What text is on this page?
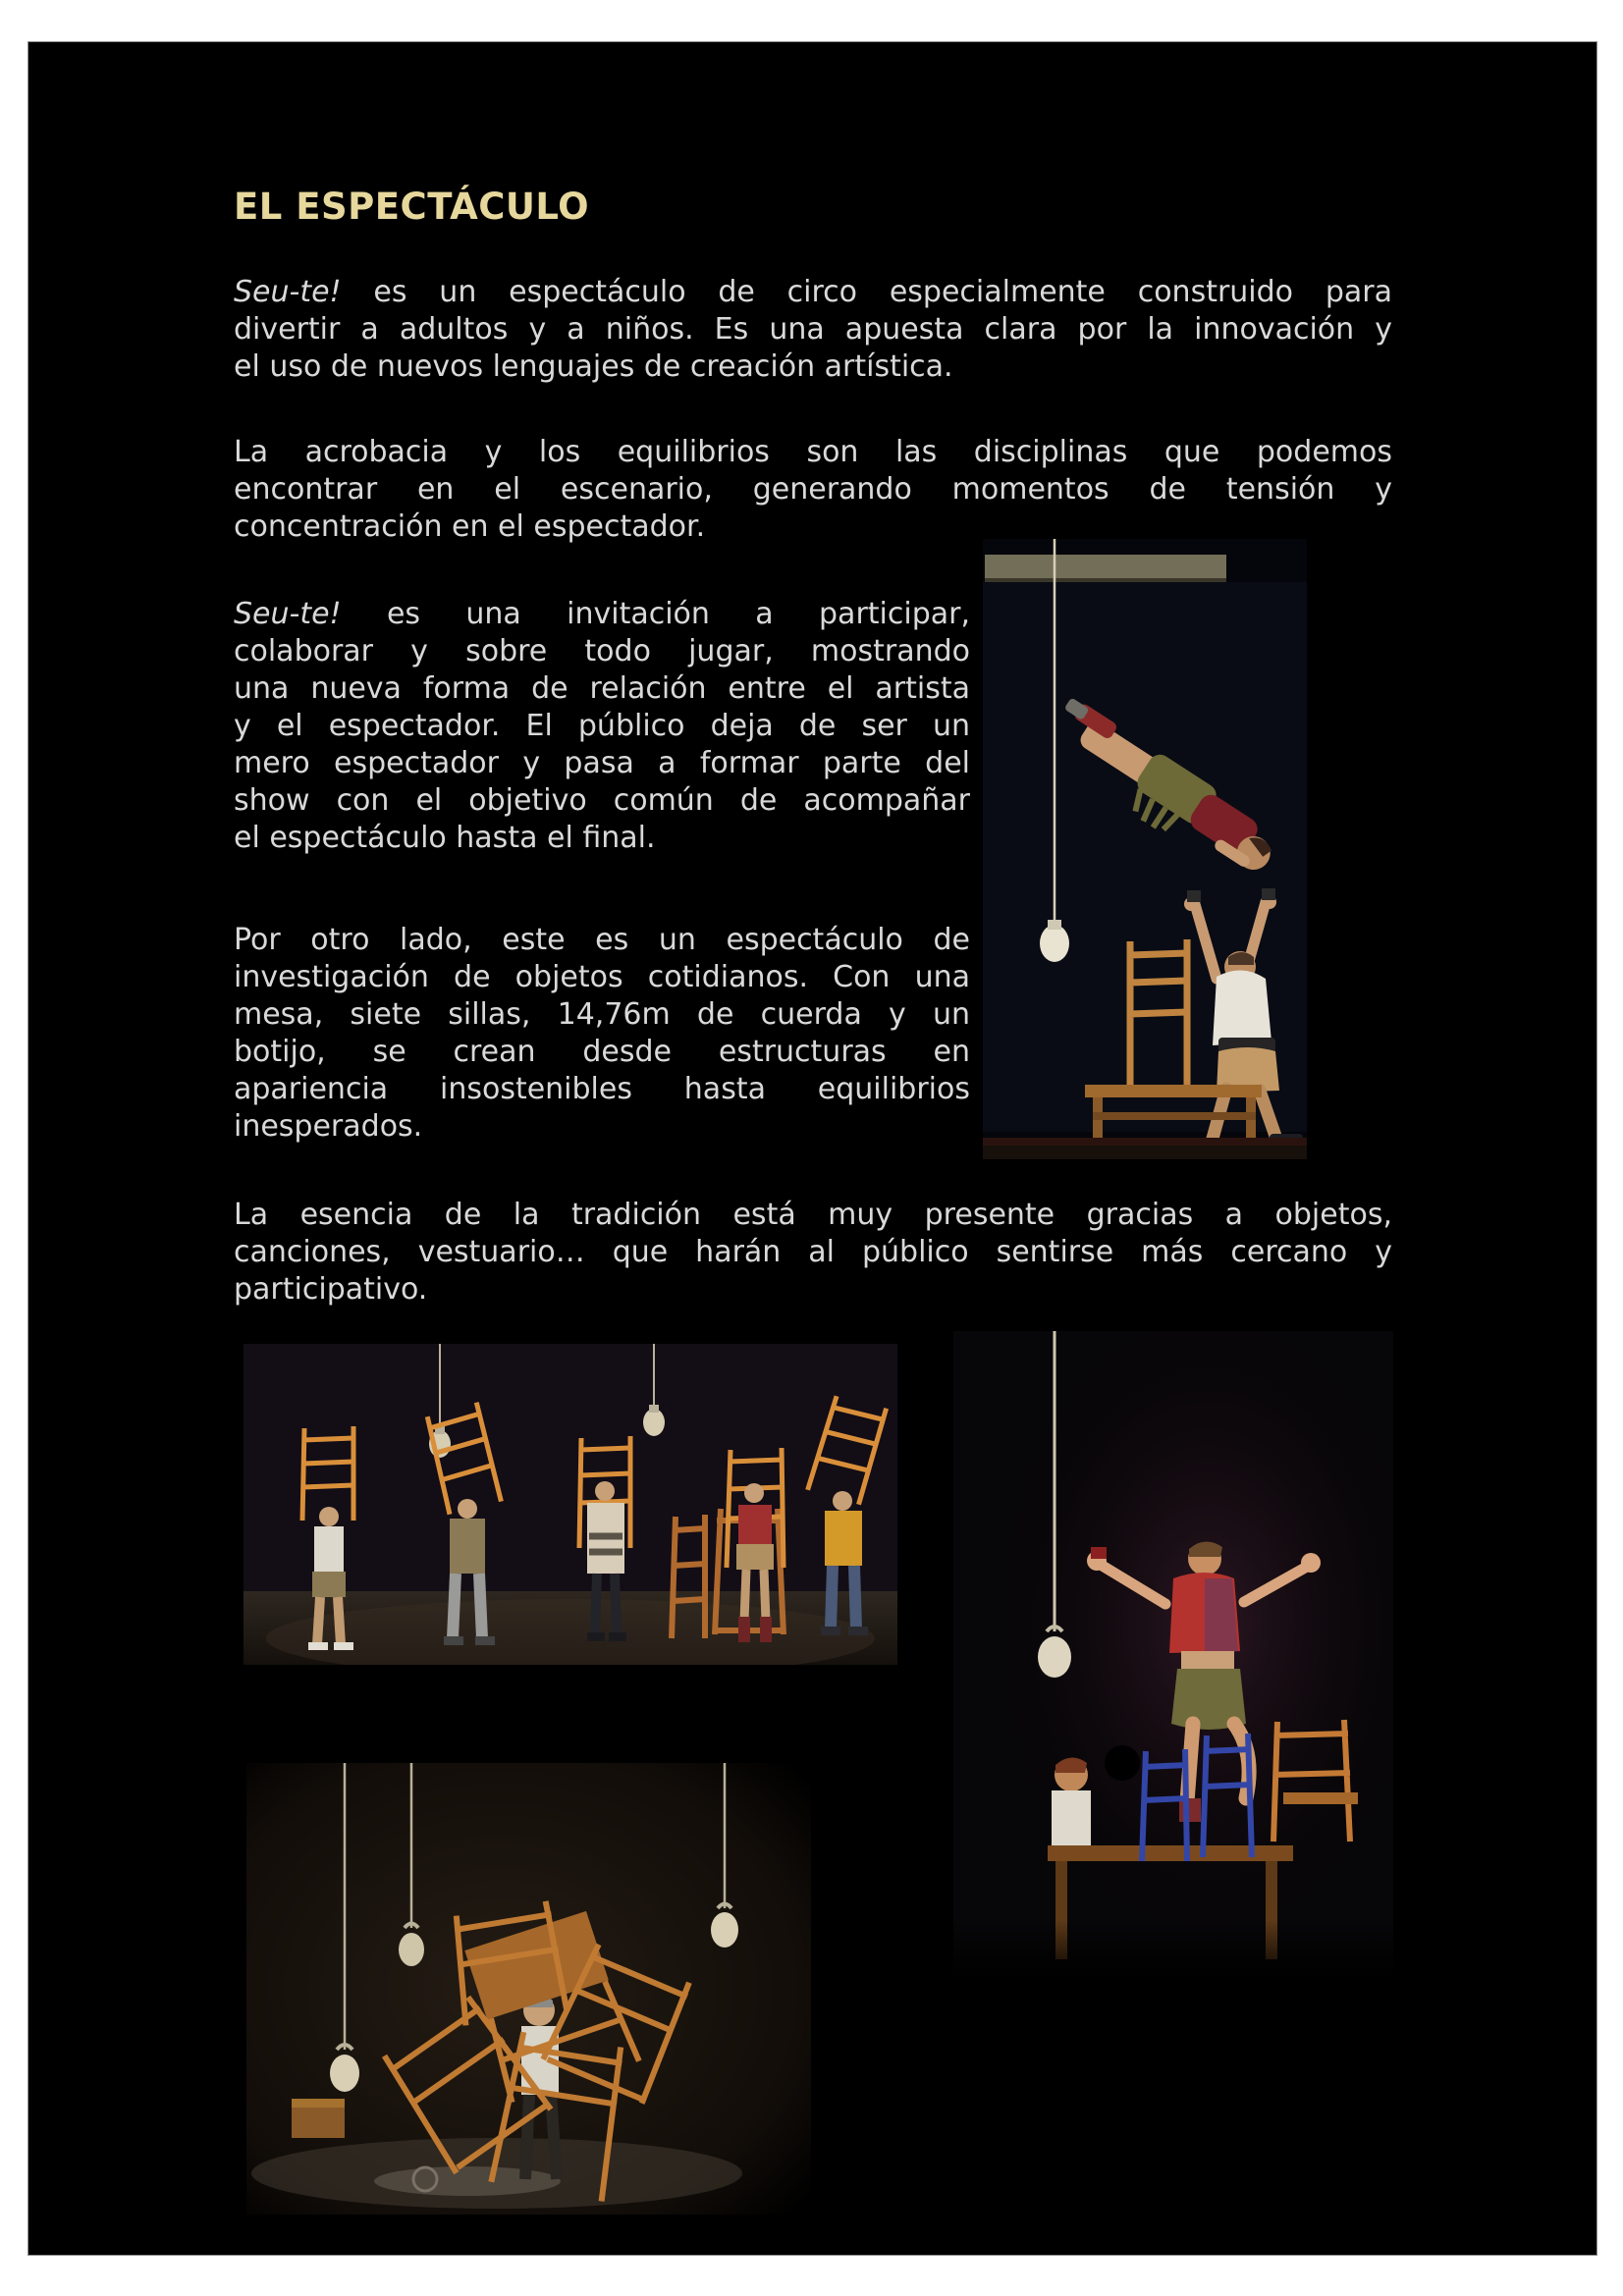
EL ESPECTÁCULO
Seu-te! es un espectáculo de circo especialmente construido para
divertir a adultos y a niños. Es una apuesta clara por la innovación y
el uso de nuevos lenguajes de creación artística.
La acrobacia y los equilibrios son las disciplinas que podemos
encontrar en el escenario, generando momentos de tensión y
concentración en el espectador.
Seu-te! es una invitación a participar,
colaborar y sobre todo jugar, mostrando
una nueva forma de relación entre el artista
y el espectador. El público deja de ser un
mero espectador y pasa a formar parte del
show con el objetivo común de acompañar
el espectáculo hasta el final.
Por otro lado, este es un espectáculo de
investigación de objetos cotidianos. Con una
mesa, siete sillas, 14,76m de cuerda y un
botijo, se crean desde estructuras en
apariencia insostenibles hasta equilibrios
inesperados.
La esencia de la tradición está muy presente gracias a objetos,
canciones, vestuario… que harán al público sentirse más cercano y
participativo.
